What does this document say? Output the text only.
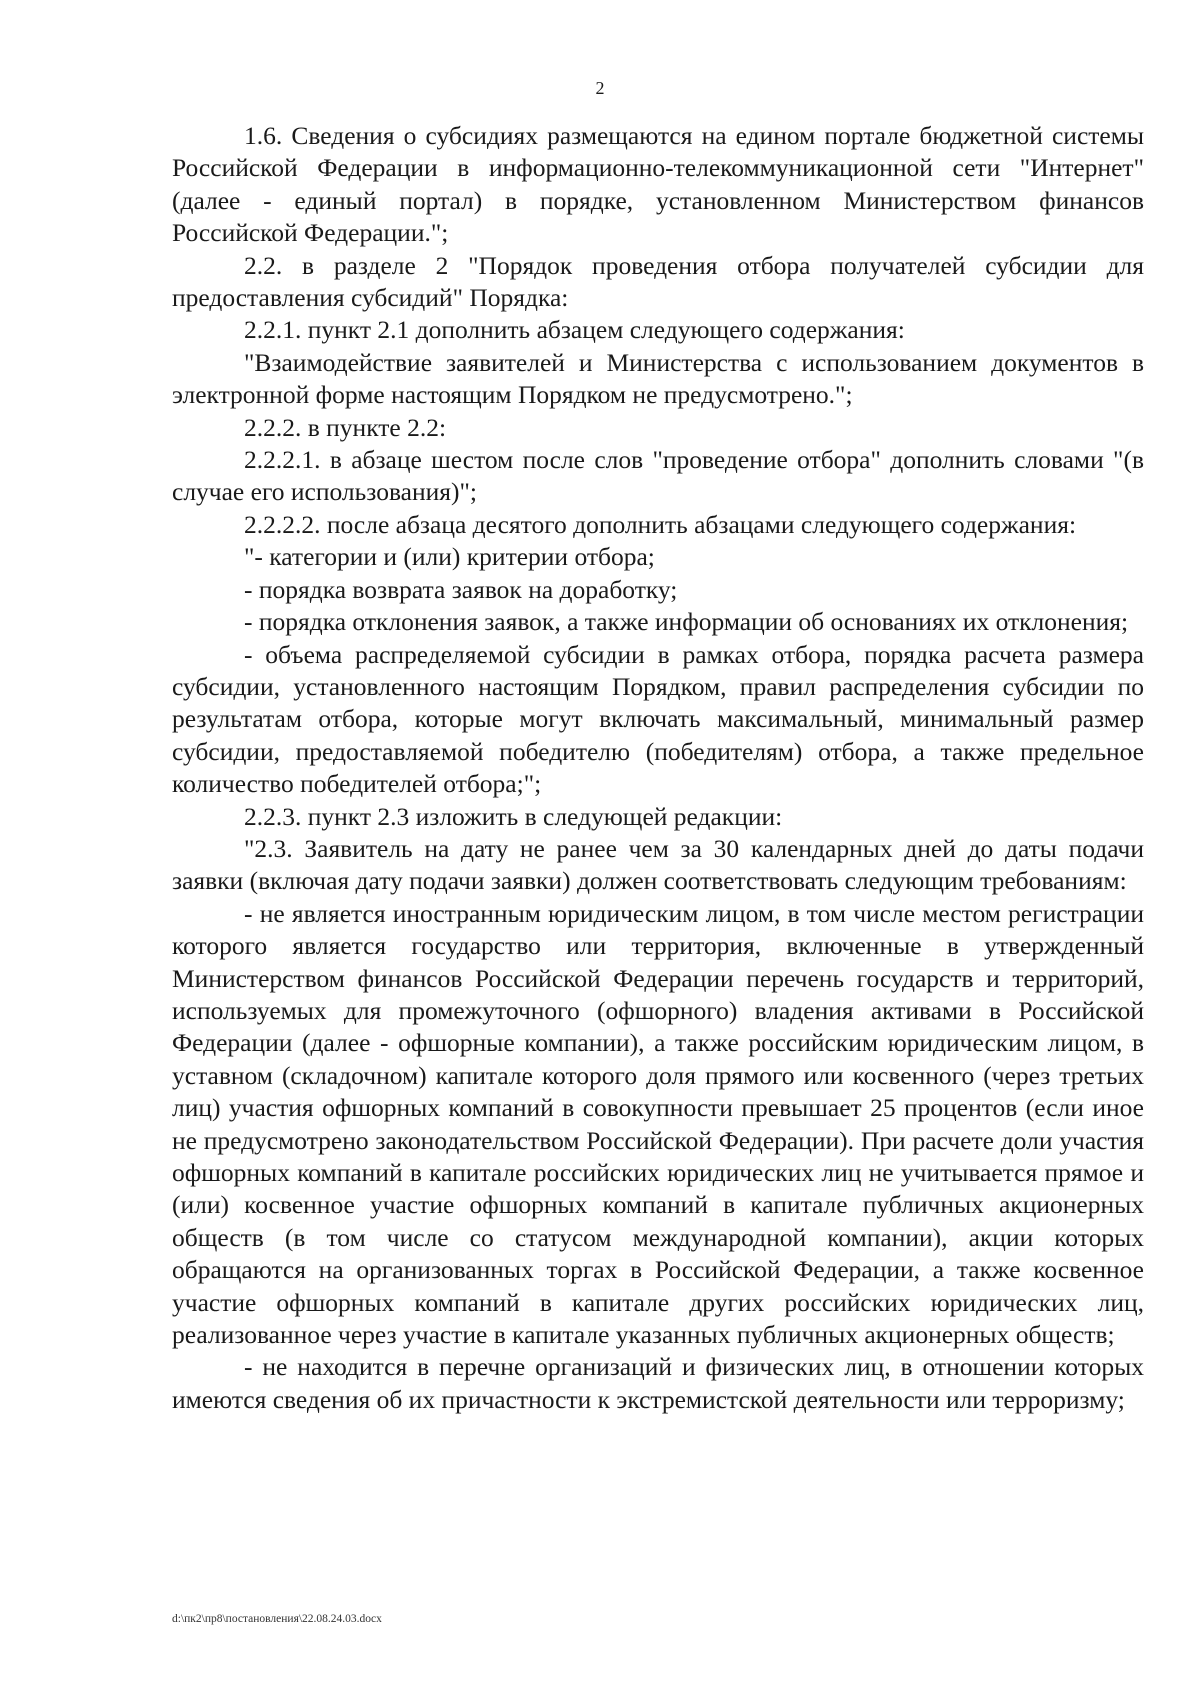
2

1.6. Сведения о субсидиях размещаются на едином портале бюджетной системы Российской Федерации в информационно-телекоммуникационной сети "Интернет" (далее - единый портал) в порядке, установленном Министерством финансов Российской Федерации.";

2.2. в разделе 2 "Порядок проведения отбора получателей субсидии для предоставления субсидий" Порядка:

2.2.1. пункт 2.1 дополнить абзацем следующего содержания:

"Взаимодействие заявителей и Министерства с использованием документов в электронной форме настоящим Порядком не предусмотрено.";

2.2.2. в пункте 2.2:

2.2.2.1. в абзаце шестом после слов "проведение отбора" дополнить словами "(в случае его использования)";

2.2.2.2. после абзаца десятого дополнить абзацами следующего содержания:

"- категории и (или) критерии отбора;

- порядка возврата заявок на доработку;

- порядка отклонения заявок, а также информации об основаниях их отклонения;

- объема распределяемой субсидии в рамках отбора, порядка расчета размера субсидии, установленного настоящим Порядком, правил распределения субсидии по результатам отбора, которые могут включать максимальный, минимальный размер субсидии, предоставляемой победителю (победителям) отбора, а также предельное количество победителей отбора;";

2.2.3. пункт 2.3 изложить в следующей редакции:

"2.3. Заявитель на дату не ранее чем за 30 календарных дней до даты подачи заявки (включая дату подачи заявки) должен соответствовать следующим требованиям:

- не является иностранным юридическим лицом, в том числе местом регистрации которого является государство или территория, включенные в утвержденный Министерством финансов Российской Федерации перечень государств и территорий, используемых для промежуточного (офшорного) владения активами в Российской Федерации (далее - офшорные компании), а также российским юридическим лицом, в уставном (складочном) капитале которого доля прямого или косвенного (через третьих лиц) участия офшорных компаний в совокупности превышает 25 процентов (если иное не предусмотрено законодательством Российской Федерации). При расчете доли участия офшорных компаний в капитале российских юридических лиц не учитывается прямое и (или) косвенное участие офшорных компаний в капитале публичных акционерных обществ (в том числе со статусом международной компании), акции которых обращаются на организованных торгах в Российской Федерации, а также косвенное участие офшорных компаний в капитале других российских юридических лиц, реализованное через участие в капитале указанных публичных акционерных обществ;

- не находится в перечне организаций и физических лиц, в отношении которых имеются сведения об их причастности к экстремистской деятельности или терроризму;

d:\пк2\пр8\постановления\22.08.24.03.docx
